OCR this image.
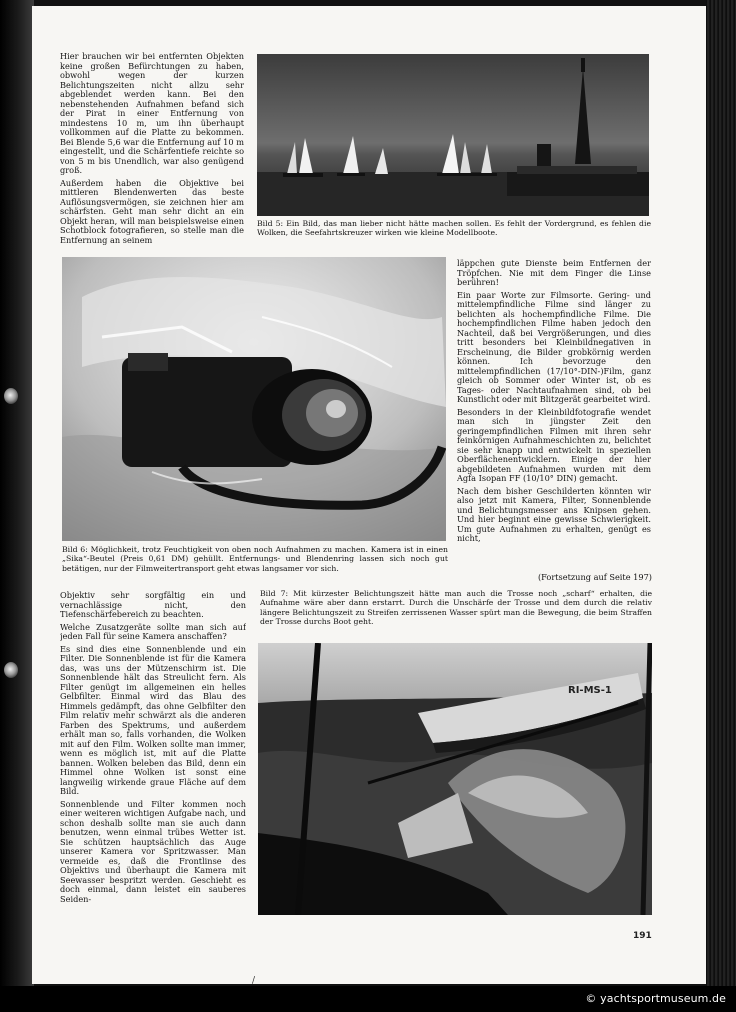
Hier brauchen wir bei entfernten Objekten keine großen Befürchtungen zu haben, obwohl wegen der kurzen Belichtungszeiten nicht allzu sehr abgeblendet werden kann. Bei den nebenstehenden Aufnahmen befand sich der Pirat in einer Entfernung von mindestens 10 m, um ihn überhaupt vollkommen auf die Platte zu bekommen. Bei Blende 5,6 war die Entfernung auf 10 m eingestellt, und die Schärfentiefe reichte so von 5 m bis Unendlich, war also genügend groß.

Außerdem haben die Objektive bei mittleren Blendenwerten das beste Auflösungsvermögen, sie zeichnen hier am schärfsten. Geht man sehr dicht an ein Objekt heran, will man beispielsweise einen Schotblock fotografieren, so stelle man die Entfernung an seinem

Bild 5: Ein Bild, das man lieber nicht hätte machen sollen. Es fehlt der Vordergrund, es fehlen die Wolken, die Seefahrtskreuzer wirken wie kleine Modellboote.

läppchen gute Dienste beim Entfernen der Tröpfchen. Nie mit dem Finger die Linse berühren!

Ein paar Worte zur Filmsorte. Gering- und mittelempfindliche Filme sind länger zu belichten als hochempfindliche Filme. Die hochempfindlichen Filme haben jedoch den Nachteil, daß bei Vergrößerungen, und dies tritt besonders bei Kleinbildnegativen in Erscheinung, die Bilder grobkörnig werden können. Ich bevorzuge den mittelempfindlichen (17/10°-DIN-)Film, ganz gleich ob Sommer oder Winter ist, ob es Tages- oder Nachtaufnahmen sind, ob bei Kunstlicht oder mit Blitzgerät gearbeitet wird.

Besonders in der Kleinbildfotografie wendet man sich in jüngster Zeit den geringempfindlichen Filmen mit ihren sehr feinkörnigen Aufnahmeschichten zu, belichtet sie sehr knapp und entwickelt in speziellen Oberflächenentwicklern. Einige der hier abgebildeten Aufnahmen wurden mit dem Agfa Isopan FF (10/10° DIN) gemacht.

Nach dem bisher Geschilderten könnten wir also jetzt mit Kamera, Filter, Sonnenblende und Belichtungsmesser ans Knipsen gehen. Und hier beginnt eine gewisse Schwierigkeit. Um gute Aufnahmen zu erhalten, genügt es nicht,

Bild 6: Möglichkeit, trotz Feuchtigkeit von oben noch Aufnahmen zu machen. Kamera ist in einen „Sika“-Beutel (Preis 0,61 DM) gehüllt. Entfernungs- und Blendenring lassen sich noch gut betätigen, nur der Filmweitertransport geht etwas langsamer vor sich.
(Fortsetzung auf Seite 197)

Objektiv sehr sorgfältig ein und vernachlässige nicht, den Tiefenschärfebereich zu beachten.

Welche Zusatzgeräte sollte man sich auf jeden Fall für seine Kamera anschaffen?

Es sind dies eine Sonnenblende und ein Filter. Die Sonnenblende ist für die Kamera das, was uns der Mützenschirm ist. Die Sonnenblende hält das Streulicht fern. Als Filter genügt im allgemeinen ein helles Gelbfilter. Einmal wird das Blau des Himmels gedämpft, das ohne Gelbfilter den Film relativ mehr schwärzt als die anderen Farben des Spektrums, und außerdem erhält man so, falls vorhanden, die Wolken mit auf den Film. Wolken sollte man immer, wenn es möglich ist, mit auf die Platte bannen. Wolken beleben das Bild, denn ein Himmel ohne Wolken ist sonst eine langweilig wirkende graue Fläche auf dem Bild.

Sonnenblende und Filter kommen noch einer weiteren wichtigen Aufgabe nach, und schon deshalb sollte man sie auch dann benutzen, wenn einmal trübes Wetter ist. Sie schützen hauptsächlich das Auge unserer Kamera vor Spritzwasser. Man vermeide es, daß die Frontlinse des Objektivs und überhaupt die Kamera mit Seewasser bespritzt werden. Geschieht es doch einmal, dann leistet ein sauberes Seiden-

Bild 7: Mit kürzester Belichtungszeit hätte man auch die Trosse noch „scharf“ erhalten, die Aufnahme wäre aber dann erstarrt. Durch die Unschärfe der Trosse und dem durch die relativ längere Belichtungszeit zu Streifen zerrissenen Wasser spürt man die Bewegung, die beim Straffen der Trosse durchs Boot geht.
RI-MS-1
/
191
© yachtsportmuseum.de
